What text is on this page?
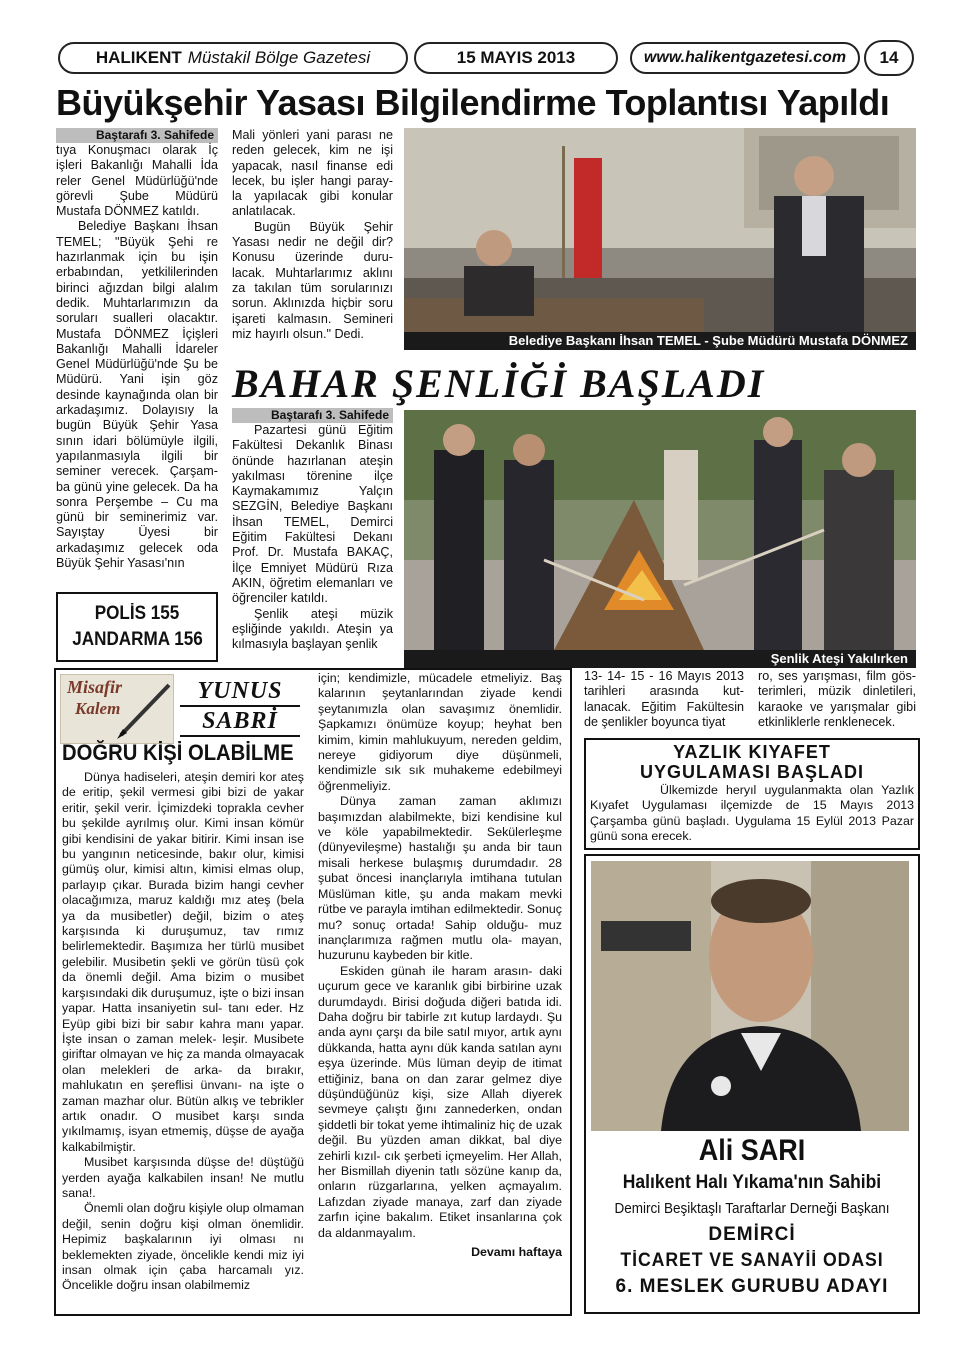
HALIKENT Müstakil Bölge Gazetesi	15 MAYIS 2013	www.halikentgazetesi.com 14
Büyükşehir Yasası Bilgilendirme Toplantısı Yapıldı
Baştarafı 3. Sahifede

tıya Konuşmacı olarak İç işleri Bakanlığı Mahalli İda reler Genel Müdürlüğü'nde görevli Şube Müdürü Mustafa DÖNMEZ katıldı.

Belediye Başkanı İhsan TEMEL; "Büyük Şehi re hazırlanmak için bu işin erbabından, yetkililerinden birinci ağızdan bilgi alalım dedik. Muhtarlarımızın da soruları sualleri olacaktır. Mustafa DÖNMEZ İçişleri Bakanlığı Mahalli İdareler Genel Müdürlüğü'nde Şu be Müdürü. Yani işin göz desinde kaynağında olan bir arkadaşımız. Dolayısıy la bugün Büyük Şehir Yasa sının idari bölümüyle ilgili, yapılanmasıyla ilgili bir seminer verecek. Çarşam- ba günü yine gelecek. Da ha sonra Perşembe – Cu ma günü bir seminerimiz var. Sayıştay Üyesi bir arkadaşımız gelecek oda Büyük Şehir Yasası'nın

Mali yönleri yani parası ne reden gelecek, kim ne işi yapacak, nasıl finanse edi lecek, bu işler hangi paray- la yapılacak gibi konular anlatılacak.

Bugün Büyük Şehir Yasası nedir ne değil dir? Konusu üzerinde duru- lacak. Muhtarlarımız aklını za takılan tüm sorularınızı sorun. Aklınızda hiçbir soru işareti kalmasın. Semineri miz hayırlı olsun." Dedi.	Belediye Başkanı İhsan TEMEL - Şube Müdürü Mustafa DÖNMEZ
POLİS 155
JANDARMA 156
BAHAR ŞENLİĞİ BAŞLADI
Baştarafı 3. Sahifede

Pazartesi günü Eğitim Fakültesi Dekanlık Binası önünde hazırlanan ateşin yakılması törenine ilçe Kaymakamımız Yalçın SEZGİN, Belediye Başkanı İhsan TEMEL, Demirci Eğitim Fakültesi Dekanı Prof. Dr. Mustafa BAKAÇ, İlçe Emniyet Müdürü Rıza AKIN, öğretim elemanları ve öğrenciler katıldı.

Şenlik ateşi müzik eşliğinde yakıldı. Ateşin ya kılmasıyla başlayan şenlik

Şenlik Ateşi Yakılırken

13- 14- 15 - 16 Mayıs 2013 tarihleri arasında kut- lanacak. Eğitim Fakültesin de şenlikler boyunca tiyat

ro, ses yarışması, film gös- terimleri, müzik dinletileri, karaoke ve yarışmalar gibi etkinliklerle renklenecek.

Misafir
Kalem
YUNUS
SABRİ
DOĞRU KİŞİ OLABİLME

Dünya hadiseleri, ateşin demiri kor ateş de eritip, şekil vermesi gibi bizi de yakar eritir, şekil verir. İçimizdeki toprakla cevher bu şekilde ayrılmış olur. Kimi insan kömür gibi kendisini de yakar bitirir. Kimi insan ise bu yangının neticesinde, bakır olur, kimisi gümüş olur, kimisi altın, kimisi elmas olup, parlayıp çıkar. Burada bizim hangi cevher olacağımıza, maruz kaldığı mız ateş (bela ya da musibetler) değil, bizim o ateş karşısında ki duruşumuz, tav rımız belirlemektedir. Başımıza her türlü musibet gelebilir. Musibetin şekli ve görün tüsü çok da önemli değil. Ama bizim o musibet karşısındaki dik duruşumuz, işte o bizi insan yapar. Hatta insaniyetin sul- tanı eder. Hz Eyüp gibi bizi bir sabır kahra manı yapar. İşte insan o zaman melek- leşir. Musibete giriftar olmayan ve hiç za manda olmayacak olan melekleri de arka- da bırakır, mahlukatın en şereflisi ünvanı- na işte o zaman mazhar olur. Bütün alkış ve tebrikler artık onadır. O musibet karşı sında yıkılmamış, isyan etmemiş, düşse de ayağa kalkabilmiştir.

Musibet karşısında düşse de! düştüğü yerden ayağa kalkabilen insan! Ne mutlu sana!.

Önemli olan doğru kişiyle olup olmaman değil, senin doğru kişi olman önemlidir. Hepimiz başkalarının iyi olması nı beklemekten ziyade, öncelikle kendi miz iyi insan olmak için çaba harcamalı yız. Öncelikle doğru insan olabilmemiz

için; kendimizle, mücadele etmeliyiz. Baş kalarının şeytanlarından ziyade kendi şeytanımızla olan savaşımız önemlidir. Şapkamızı önümüze koyup; heyhat ben kimim, kimin mahlukuyum, nereden geldim, nereye gidiyorum diye düşünmeli, kendimizle sık sık muhakeme edebilmeyi öğrenmeliyiz.

Dünya zaman zaman aklımızı başımızdan alabilmekte, bizi kendisine kul ve köle yapabilmektedir. Sekülerleşme (dünyevileşme) hastalığı şu anda bir taun misali herkese bulaşmış durumdadır. 28 şubat öncesi inançlarıyla imtihana tutulan Müslüman kitle, şu anda makam mevki rütbe ve parayla imtihan edilmektedir. Sonuç mu? sonuç ortada! Sahip olduğu- muz inançlarımıza rağmen mutlu ola- mayan, huzurunu kaybeden bir kitle.

Eskiden günah ile haram arasın- daki uçurum gece ve karanlık gibi birbirine uzak durumdaydı. Birisi doğuda diğeri batıda idi. Daha doğru bir tabirle zıt kutup lardaydı. Şu anda aynı çarşı da bile satıl mıyor, artık aynı dükkanda, hatta aynı dük kanda satılan aynı eşya üzerinde. Müs lüman deyip de itimat ettiğiniz, bana on dan zarar gelmez diye düşündüğünüz kişi, size Allah diyerek sevmeye çalıştı ğını zannederken, ondan şiddetli bir tokat yeme ihtimaliniz hiç de uzak değil. Bu yüzden aman dikkat, bal diye zehirli kızıl- cık şerbeti içmeyelim. Her Allah, her Bismillah diyenin tatlı sözüne kanıp da, onların rüzgarlarına, yelken açmayalım. Lafızdan ziyade manaya, zarf dan ziyade zarfın içine bakalım. Etiket insanlarına çok da aldanmayalım.

Devamı haftaya
YAZLIK KIYAFET
UYGULAMASI BAŞLADI
Ülkemizde heryıl uygulanmakta olan Yazlık Kıyafet Uygulaması ilçemizde de 15 Mayıs 2013 Çarşamba günü başladı. Uygulama 15 Eylül 2013 Pazar günü sona erecek.
Ali SARI
Halıkent Halı Yıkama'nın Sahibi
Demirci Beşiktaşlı Taraftarlar Derneği Başkanı
DEMİRCİ
TİCARET VE SANAYİİ ODASI
6. MESLEK GURUBU ADAYI
